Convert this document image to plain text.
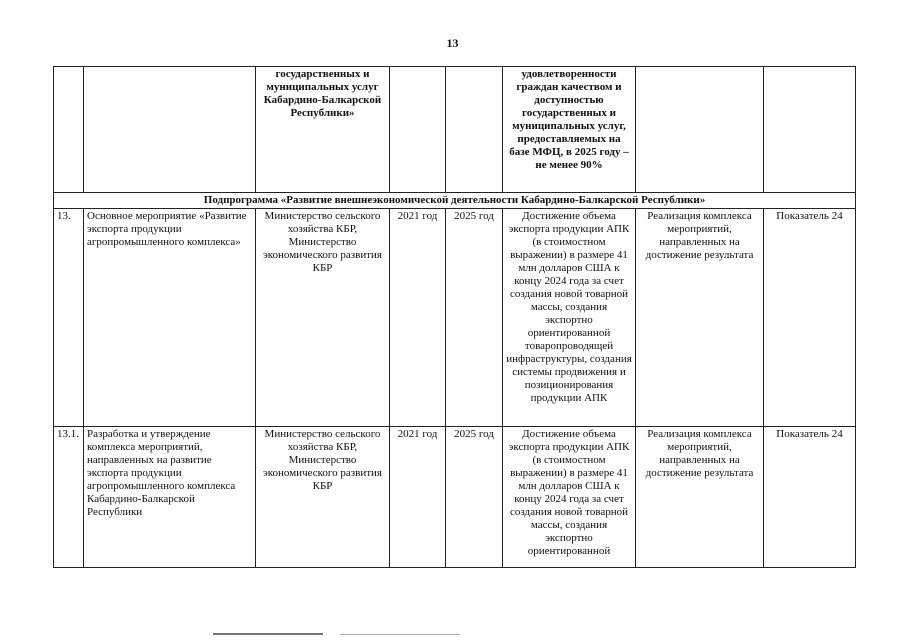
13
		государственных и муниципальных услуг Кабардино-Балкарской Республики»			удовлетворенности граждан качеством и доступностью государственных и муниципальных услуг, предоставляемых на базе МФЦ, в 2025 году – не менее 90%		
Подпрограмма «Развитие внешнеэкономической деятельности Кабардино-Балкарской Республики»							
13.	Основное мероприятие «Развитие экспорта продукции агропромышленного комплекса»	Министерство сельского хозяйства КБР, Министерство экономического развития КБР	2021 год	2025 год	Достижение объема экспорта продукции АПК (в стоимостном выражении) в размере 41 млн долларов США к концу 2024 года за счет создания новой товарной массы, создания экспортно ориентированной товаропроводящей инфраструктуры, создания системы продвижения и позиционирования продукции АПК	Реализация комплекса мероприятий, направленных на достижение результата	Показатель 24
13.1.	Разработка и утверждение комплекса мероприятий, направленных на развитие экспорта продукции агропромышленного комплекса Кабардино-Балкарской Республики	Министерство сельского хозяйства КБР, Министерство экономического развития КБР	2021 год	2025 год	Достижение объема экспорта продукции АПК (в стоимостном выражении) в размере 41 млн долларов США к концу 2024 года за счет создания новой товарной массы, создания экспортно ориентированной	Реализация комплекса мероприятий, направленных на достижение результата	Показатель 24
